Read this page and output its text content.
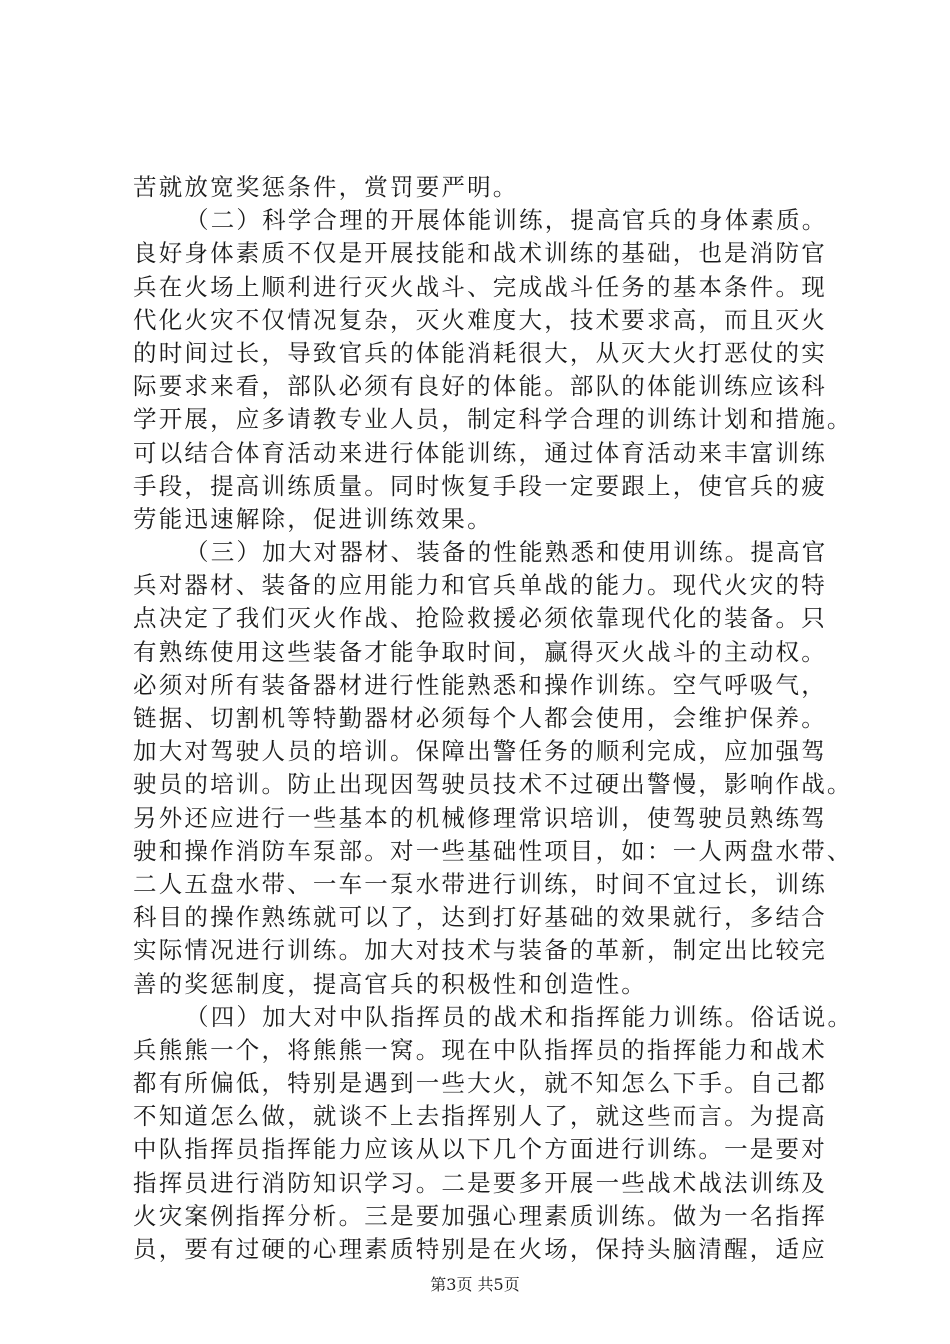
苦就放宽奖惩条件，赏罚要严明。
（二）科学合理的开展体能训练，提高官兵的身体素质。
良好身体素质不仅是开展技能和战术训练的基础，也是消防官
兵在火场上顺利进行灭火战斗、完成战斗任务的基本条件。现
代化火灾不仅情况复杂，灭火难度大，技术要求高，而且灭火
的时间过长，导致官兵的体能消耗很大，从灭大火打恶仗的实
际要求来看，部队必须有良好的体能。部队的体能训练应该科
学开展，应多请教专业人员，制定科学合理的训练计划和措施。
可以结合体育活动来进行体能训练，通过体育活动来丰富训练
手段，提高训练质量。同时恢复手段一定要跟上，使官兵的疲
劳能迅速解除，促进训练效果。
（三）加大对器材、装备的性能熟悉和使用训练。提高官
兵对器材、装备的应用能力和官兵单战的能力。现代火灾的特
点决定了我们灭火作战、抢险救援必须依靠现代化的装备。只
有熟练使用这些装备才能争取时间，赢得灭火战斗的主动权。
必须对所有装备器材进行性能熟悉和操作训练。空气呼吸气，
链据、切割机等特勤器材必须每个人都会使用，会维护保养。
加大对驾驶人员的培训。保障出警任务的顺利完成，应加强驾
驶员的培训。防止出现因驾驶员技术不过硬出警慢，影响作战。
另外还应进行一些基本的机械修理常识培训，使驾驶员熟练驾
驶和操作消防车泵部。对一些基础性项目，如：一人两盘水带、
二人五盘水带、一车一泵水带进行训练，时间不宜过长，训练
科目的操作熟练就可以了，达到打好基础的效果就行，多结合
实际情况进行训练。加大对技术与装备的革新，制定出比较完
善的奖惩制度，提高官兵的积极性和创造性。
（四）加大对中队指挥员的战术和指挥能力训练。俗话说。
兵熊熊一个，将熊熊一窝。现在中队指挥员的指挥能力和战术
都有所偏低，特别是遇到一些大火，就不知怎么下手。自己都
不知道怎么做，就谈不上去指挥别人了，就这些而言。为提高
中队指挥员指挥能力应该从以下几个方面进行训练。一是要对
指挥员进行消防知识学习。二是要多开展一些战术战法训练及
火灾案例指挥分析。三是要加强心理素质训练。做为一名指挥
员，要有过硬的心理素质特别是在火场，保持头脑清醒，适应
第3页 共5页
